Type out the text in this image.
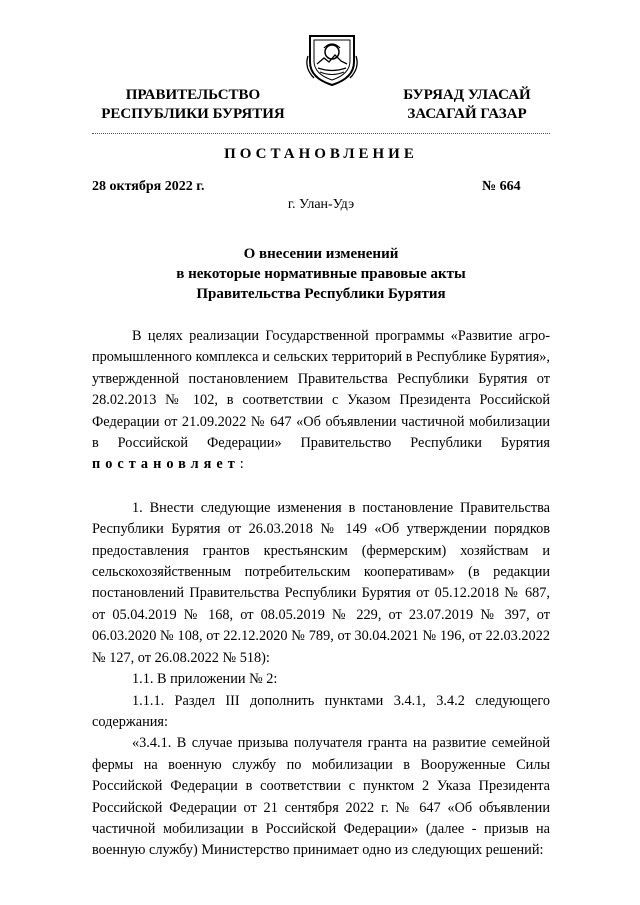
ПРАВИТЕЛЬСТВО
РЕСПУБЛИКИ БУРЯТИЯ
БУРЯАД УЛАСАЙ
ЗАСАГАЙ ГАЗАР
ПОСТАНОВЛЕНИЕ
28 октября 2022 г.	№ 664
г. Улан-Удэ
О внесении изменений
в некоторые нормативные правовые акты
Правительства Республики Бурятия

В целях реализации Государственной программы «Развитие агро-промышленного комплекса и сельских территорий в Республике Бурятия», утвержденной постановлением Правительства Республики Бурятия от 28.02.2013 № 102, в соответствии с Указом Президента Российской Федерации от 21.09.2022 № 647 «Об объявлении частичной мобилизации в Российской Федерации» Правительство Республики Бурятия постановляет:

1. Внести следующие изменения в постановление Правительства Республики Бурятия от 26.03.2018 № 149 «Об утверждении порядков предоставления грантов крестьянским (фермерским) хозяйствам и сельскохозяйственным потребительским кооперативам» (в редакции постановлений Правительства Республики Бурятия от 05.12.2018 № 687, от 05.04.2019 № 168, от 08.05.2019 № 229, от 23.07.2019 № 397, от 06.03.2020 № 108, от 22.12.2020 № 789, от 30.04.2021 № 196, от 22.03.2022 № 127, от 26.08.2022 № 518):

1.1. В приложении № 2:

1.1.1. Раздел III дополнить пунктами 3.4.1, 3.4.2 следующего содержания:

«3.4.1. В случае призыва получателя гранта на развитие семейной фермы на военную службу по мобилизации в Вооруженные Силы Российской Федерации в соответствии с пунктом 2 Указа Президента Российской Федерации от 21 сентября 2022 г. № 647 «Об объявлении частичной мобилизации в Российской Федерации» (далее - призыв на военную службу) Министерство принимает одно из следующих решений:
